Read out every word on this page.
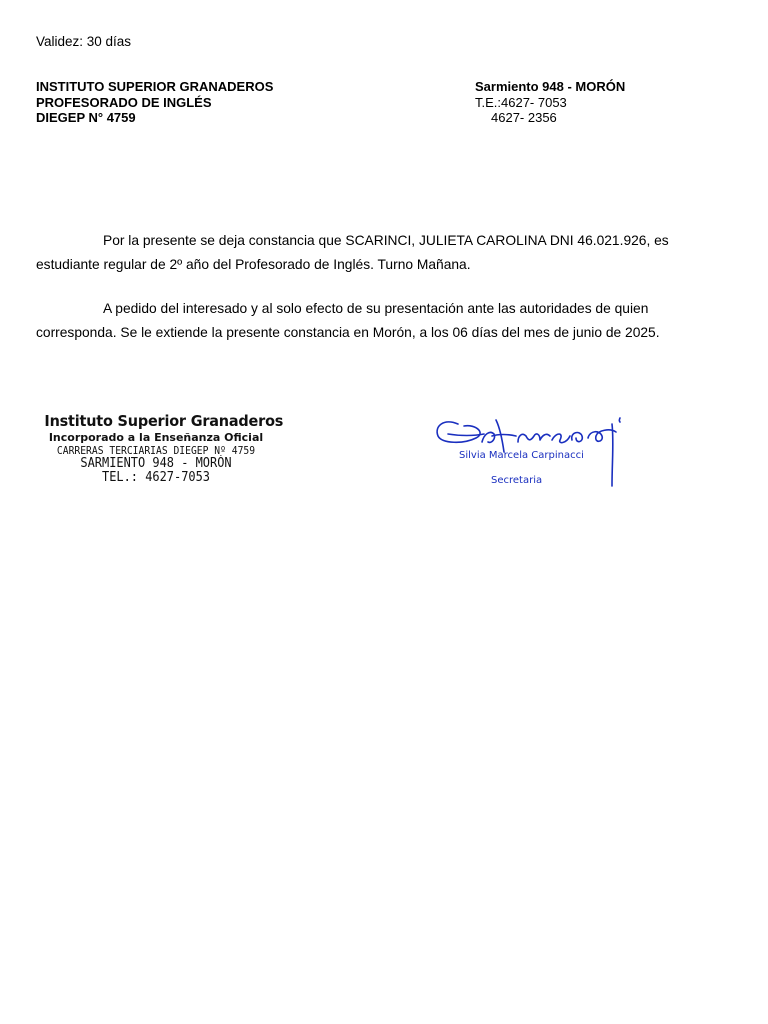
Validez: 30 días
INSTITUTO SUPERIOR GRANADEROS
PROFESORADO DE INGLÉS
DIEGEP N° 4759
Sarmiento 948 - MORÓN
T.E.:4627- 7053
4627- 2356

Por la presente se deja constancia que SCARINCI, JULIETA CAROLINA DNI 46.021.926, es estudiante regular de 2º año del Profesorado de Inglés. Turno Mañana.

A pedido del interesado y al solo efecto de su presentación ante las autoridades de quien corresponda. Se le extiende la presente constancia en Morón, a los 06 días del mes de junio de 2025.

Instituto Superior Granaderos
Incorporado a la Enseñanza Oficial
CARRERAS TERCIARIAS DIEGEP Nº 4759
SARMIENTO 948 - MORÓN
TEL.: 4627-7053
Silvia Marcela Carpinacci
Secretaria
